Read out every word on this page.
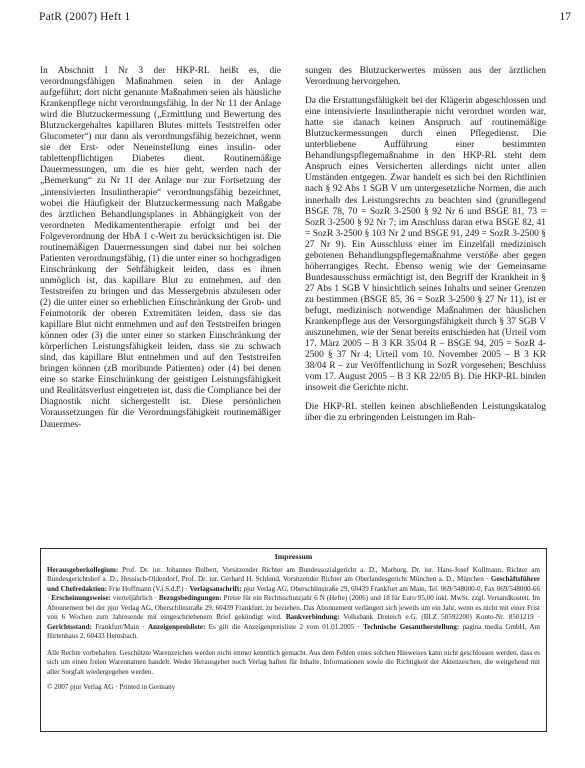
PatR (2007) Heft 1	17

In Abschnitt I Nr 3 der HKP-RL heißt es, die verordnungsfähigen Maßnahmen seien in der Anlage aufgeführt; dort nicht genannte Maßnahmen seien als häusliche Krankenpflege nicht verordnungsfähig. In der Nr 11 der Anlage wird die Blutzuckermessung („Ermittlung und Bewertung des Blutzuckergehaltes kapillaren Blutes mittels Teststreifen oder Glucometer“) nur dann als verordnungsfähig bezeichnet, wenn sie der Erst- oder Neueinstellung eines insulin- oder tablettenpflichtigen Diabetes dient. Routinemäßige Dauermessungen, um die es hier geht, werden nach der „Bemerkung“ zu Nr 11 der Anlage nur zur Fortsetzung der „intensivierten Insulintherapie“ verordnungsfähig bezeichnet, wobei die Häufigkeit der Blutzuckermessung nach Maßgabe des ärztlichen Behandlungsplanes in Abhängigkeit von der verordneten Medikamententherapie erfolgt und bei der Folgeverordnung der HbA 1 c-Wert zu berücksichtigen ist. Die routinemäßigen Dauermessungen sind dabei nur bei solchen Patienten verordnungsfähig, (1) die unter einer so hochgradigen Einschränkung der Sehfähigkeit leiden, dass es ihnen unmöglich ist, das kapillare Blut zu entnehmen, auf den Teststreifen zu bringen und das Messergebnis abzulesen oder (2) die unter einer so erheblichen Einschränkung der Grob- und Feinmotorik der oberen Extremitäten leiden, dass sie das kapillare Blut nicht entnehmen und auf den Teststreifen bringen können oder (3) die unter einer so starken Einschränkung der körperlichen Leistungsfähigkeit leiden, dass sie zu schwach sind, das kapillare Blut entnehmen und auf den Teststreifen bringen können (zB moribunde Patienten) oder (4) bei denen eine so starke Einschränkung der geistigen Leistungsfähigkeit und Realitätsverlust eingetreten ist, dass die Compliance bei der Diagnostik nicht sichergestellt ist. Diese persönlichen Voraussetzungen für die Verordnungsfähigkeit routinemäßiger Dauermes-

sungen des Blutzuckerwertes müssen aus der ärztlichen Verordnung hervorgehen.

Da die Erstattungsfähigkeit bei der Klägerin abgeschlossen und eine intensivierte Insulintherapie nicht verordnet worden war, hatte sie danach keinen Anspruch auf routinemäßige Blutzuckermessungen durch einen Pflegedienst. Die unterbliebene Aufführung einer bestimmten Behandlungspflegemaßnahme in den HKP-RL steht dem Anspruch eines Versicherten allerdings nicht unter allen Umständen entgegen. Zwar handelt es sich bei den Richtlinien nach § 92 Abs 1 SGB V um untergesetzliche Normen, die auch innerhalb des Leistungsrechts zu beachten sind (grundlegend BSGE 78, 70 = SozR 3-2500 § 92 Nr 6 und BSGE 81, 73 = SozR 3-2500 § 92 Nr 7; im Anschluss daran etwa BSGE 82, 41 = SozR 3-2500 § 103 Nr 2 und BSGE 91, 249 = SozR 3-2500 § 27 Nr 9). Ein Ausschluss einer im Einzelfall medizinisch gebotenen Behandlungspflegemaßnahme verstöße aber gegen höherrangiges Recht. Ebenso wenig wie der Gemeinsame Bundesausschuss ermächtigt ist, den Begriff der Krankheit in § 27 Abs 1 SGB V hinsichtlich seines Inhalts und seiner Grenzen zu bestimmen (BSGE 85, 36 = SozR 3-2500 § 27 Nr 11), ist er befugt, medizinisch notwendige Maßnahmen der häuslichen Krankenpflege aus der Versorgungsfähigkeit durch § 37 SGB V auszunehmen, wie der Senat bereits entschieden hat (Urteil vom 17. März 2005 – B 3 KR 35/04 R – BSGE 94, 205 = SozR 4-2500 § 37 Nr 4; Urteil vom 10. November 2005 – B 3 KR 38/04 R – zur Veröffentlichung in SozR vorgesehen; Beschluss vom 17. August 2005 – B 3 KR 22/05 B). Die HKP-RL binden insoweit die Gerichte nicht.

Die HKP-RL stellen keinen abschließenden Leistungskatalog über die zu erbringenden Leistungen im Rah-

Impressum

Herausgeberkollegium: Prof. Dr. iur. Johannes Bulbert, Vorsitzender Richter am Bundessozialgericht a. D., Marburg, Dr. iur. Hans-Josef Kollmann, Richter am Bundesgerichtshof a. D., Hessisch-Oldendorf, Prof. Dr. iur. Gerhard H. Schlund, Vorsitzender Richter am Oberlandesgericht München a. D., München · Geschäftsführer und Chefredaktion: Frie Hoffmann (V.i.S.d.P.) · Verlagsanschrift: pjur Verlag AG, Oberschlinstraße 29, 60439 Frankfurt am Main, Tel. 069/548000-0, Fax 069/548000-66 · Erscheinungsweise: vierteljährlich · Bezugsbedingungen: Preise für ein Rechtsschutzjahr 6 N (Hefte) (2006) und 18 für Euro 95,00 inkl. MwSt. zzgl. Versandkosten. Im Abonnement bei der pjur Verlag AG, Oberschlinstraße 29, 60439 Frankfurt, zu beziehen. Das Abonnement verlängert sich jeweils um ein Jahr, wenn es nicht mit einer Frist von 6 Wochen zum Jahresende mit eingeschriebenem Brief gekündigt wird. Bankverbindung: Volksbank Dreieich e.G. (BLZ 50592200) Konto-Nr. 8501219 · Gerichtsstand: Frankfurt/Main · Anzeigenpreisliste: Es gilt die Anzeigenpreisliste 2 vom 01.01.2005 · Technische Gesamtherstellung: pagina media GmbH, Am Hirtenhaus 2, 60433 Hemsbach.

Alle Rechte vorbehalten. Geschützte Warenzeichen werden nicht immer kenntlich gemacht. Aus dem Fehlen eines solchen Hinweises kann nicht geschlossen werden, dass es sich um einen freien Warennamen handelt. Weder Herausgeber noch Verlag haften für Inhalte, Informationen sowie die Richtigkeit der Aktenzeichen, die weitgehend mit aller Sorgfalt wiedergegeben werden.

© 2007 pjur Verlag AG · Printed in Germany
